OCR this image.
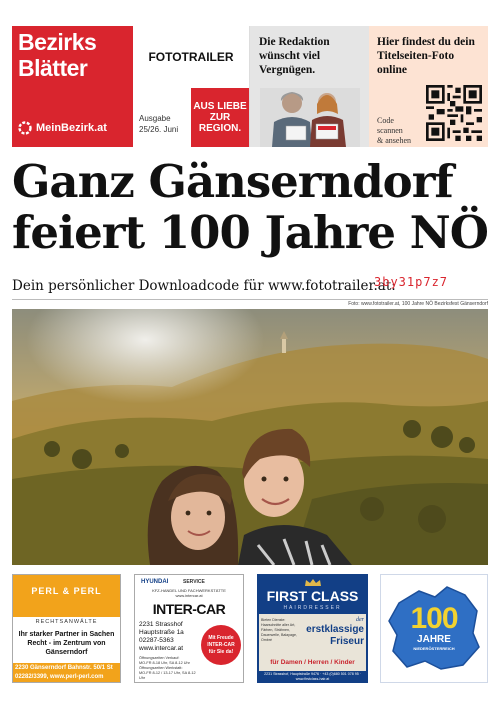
Bezirks
Blätter
MeinBezirk.at
FOTOTRAILER
Ausgabe
25/26. Juni
AUS LIEBE
ZUR
REGION.
Die Redaktion wünscht viel Vergnügen.
Hier findest du dein Titelseiten-Foto online
Code
scannen
& ansehen
Ganz Gänserndorf
feiert 100 Jahre NÖ
Dein persönlicher Downloadcode für www.fototrailer.at:
3by31p7z7
Foto: www.fototrailer.at, 100 Jahre NÖ Bezirksfest Gänserndorf
PERL & PERL
RECHTSANWÄLTE
Ihr starker Partner in Sachen Recht - im Zentrum von Gänserndorf
2230 Gänserndorf Bahnstr. 50/1 St
02282/3399, www.perl-perl.com
HYUNDAI	SERVICE
KFZ-HANDEL UND FACHWERKSTÄTTE
www.intercar.at
INTER-CAR
2231 Strasshof
Hauptstraße 1a
02287-5363
www.intercar.at
Öffnungszeiten Verkauf:
MO-FR 8-18 Uhr, SA 8-12 Uhr
Öffnungszeiten Werkstatt:
MO-FR 8-12 / 13-17 Uhr, SA 8-12 Uhr
Mit Freude
INTER-CAR
für Sie da!
FIRST CLASS
HAIRDRESSER
Bieten Dienste: Haarschnitte aller Art, Färben, Strähnen, Dauerwelle, Balayage, Ombré
der
erstklassige
Friseur
für Damen / Herren / Kinder
2231 Strasshof, Hauptstraße 9476 · +43 (0)680 501 078 95 · www.firstclass-hair.at
100
JAHRE
NIEDERÖSTERREICH
